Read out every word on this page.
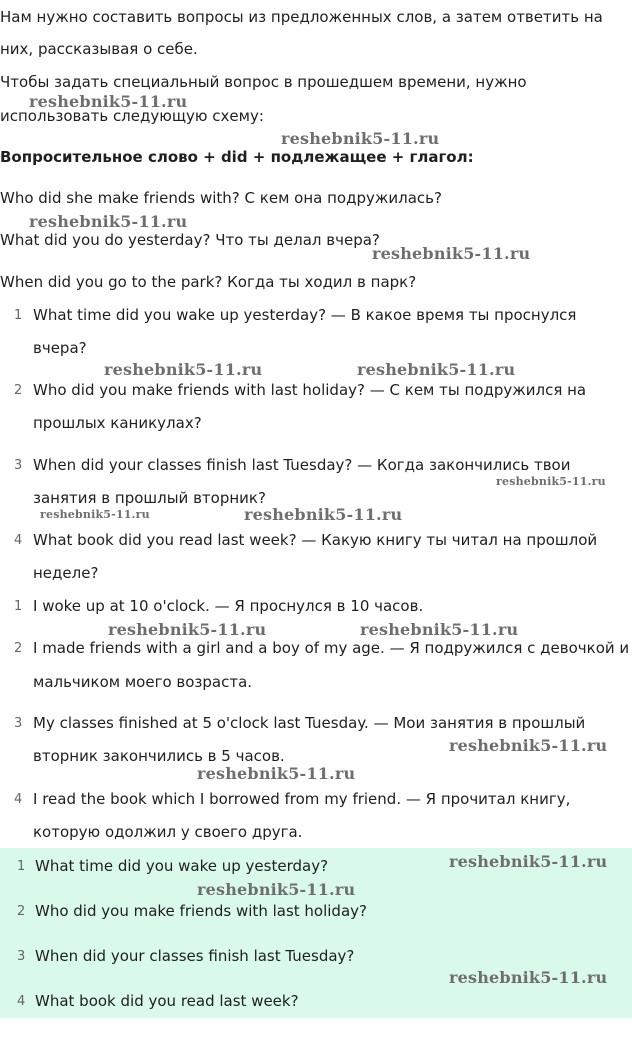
Нам нужно составить вопросы из предложенных слов, а затем ответить на
них, рассказывая о себе.
Чтобы задать специальный вопрос в прошедшем времени, нужно
использовать следующую схему:
Вопросительное слово + did + подлежащее + глагол:
Who did she make friends with? С кем она подружилась?
What did you do yesterday? Что ты делал вчера?
When did you go to the park? Когда ты ходил в парк?
1 What time did you wake up yesterday? — В какое время ты проснулся
вчера?
2 Who did you make friends with last holiday? — С кем ты подружился на
прошлых каникулах?
3 When did your classes finish last Tuesday? — Когда закончились твои
занятия в прошлый вторник?
4 What book did you read last week? — Какую книгу ты читал на прошлой
неделе?
1 I woke up at 10 o'clock. — Я проснулся в 10 часов.
2 I made friends with a girl and a boy of my age. — Я подружился с девочкой и
мальчиком моего возраста.
3 My classes finished at 5 o'clock last Tuesday. — Мои занятия в прошлый
вторник закончились в 5 часов.
4 I read the book which I borrowed from my friend. — Я прочитал книгу,
которую одолжил у своего друга.
1 What time did you wake up yesterday?
2 Who did you make friends with last holiday?
3 When did your classes finish last Tuesday?
4 What book did you read last week?
reshebnik5-11.ru
reshebnik5-11.ru
reshebnik5-11.ru
reshebnik5-11.ru
reshebnik5-11.ru	reshebnik5-11.ru
reshebnik5-11.ru
reshebnik5-11.ru	reshebnik5-11.ru
reshebnik5-11.ru	reshebnik5-11.ru
reshebnik5-11.ru
reshebnik5-11.ru
reshebnik5-11.ru
reshebnik5-11.ru
reshebnik5-11.ru
